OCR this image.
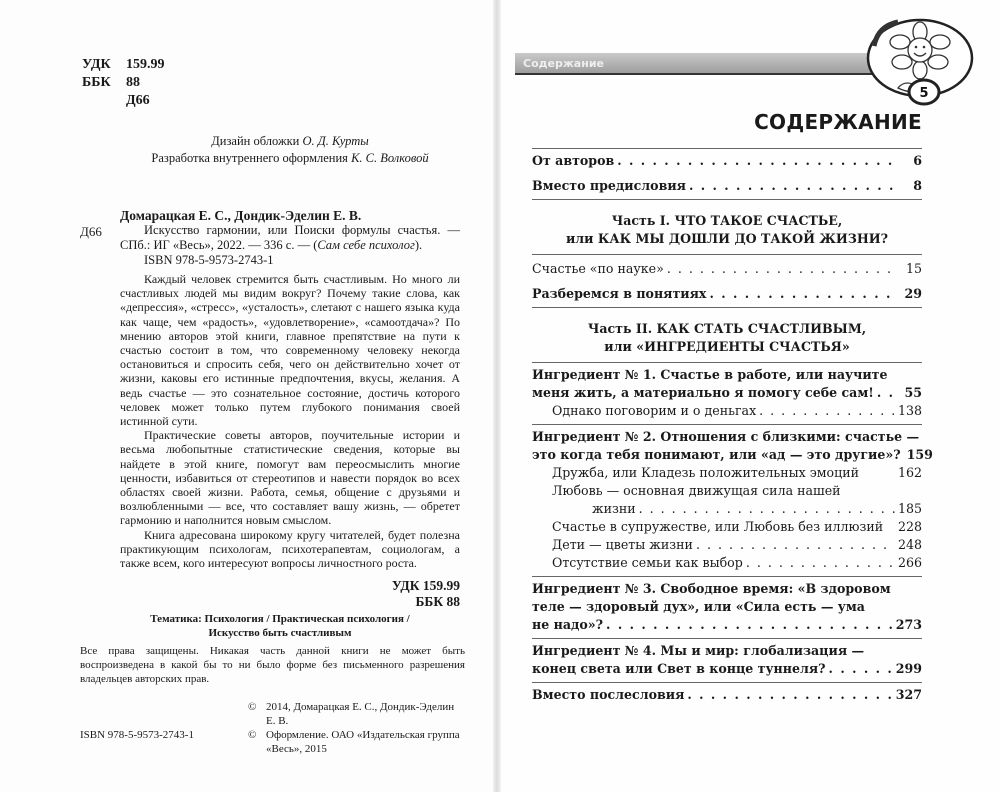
УДК	159.99
ББК	88
Д66
Дизайн обложки О. Д. Курты
Разработка внутреннего оформления К. С. Волковой
Д66
Домарацкая Е. С., Дондик-Эделин Е. В.

Искусство гармонии, или Поиски формулы счастья. — СПб.: ИГ «Весь», 2022. — 336 с. — (Сам себе психолог).

ISBN 978-5-9573-2743-1

Каждый человек стремится быть счастливым. Но много ли счастливых людей мы видим вокруг? Почему такие слова, как «депрессия», «стресс», «усталость», слетают с нашего языка куда как чаще, чем «радость», «удовлетворение», «самоотдача»? По мнению авторов этой книги, главное препятствие на пути к счастью состоит в том, что современному человеку некогда остановиться и спросить себя, чего он действительно хочет от жизни, каковы его истинные предпочтения, вкусы, желания. А ведь счастье — это сознательное состояние, достичь которого человек может только путем глубокого понимания своей истинной сути.

Практические советы авторов, поучительные истории и весьма любопытные статистические сведения, которые вы найдете в этой книге, помогут вам переосмыслить многие ценности, избавиться от стереотипов и навести порядок во всех областях своей жизни. Работа, семья, общение с друзьями и возлюбленными — все, что составляет вашу жизнь, — обретет гармонию и наполнится новым смыслом.

Книга адресована широкому кругу читателей, будет полезна практикующим психологам, психотерапевтам, социологам, а также всем, кого интересуют вопросы личностного роста.

УДК 159.99
ББК 88
Тематика: Психология / Практическая психология /
Искусство быть счастливым
Все права защищены. Никакая часть данной книги не может быть воспроизведена в какой бы то ни было форме без письменного разрешения владельцев авторских прав.
ISBN 978-5-9573-2743-1
© 2014, Домарацкая Е. С., Дондик-Эделин Е. В.
© Оформление. ОАО «Издательская группа
«Весь», 2015
Содержание
5
СОДЕРЖАНИЕ
От авторов . . .	6
Вместо предисловия . . .	8
Часть I. ЧТО ТАКОЕ СЧАСТЬЕ,
или КАК МЫ ДОШЛИ ДО ТАКОЙ ЖИЗНИ?
Счастье «по науке» . . .	15
Разберемся в понятиях . . .	29
Часть II. КАК СТАТЬ СЧАСТЛИВЫМ,
или «ИНГРЕДИЕНТЫ СЧАСТЬЯ»
Ингредиент № 1. Счастье в работе, или научите
меня жить, а материально я помогу себе сам! . . .	55
Однако поговорим и о деньгах . . .	138
Ингредиент № 2. Отношения с близкими: счастье —
это когда тебя понимают, или «ад — это другие»? 159
Дружба, или Кладезь положительных эмоций	162
Любовь — основная движущая сила нашей
жизни . . .	185
Счастье в супружестве, или Любовь без иллюзий 228
Дети — цветы жизни . . .	248
Отсутствие семьи как выбор . . .	266
Ингредиент № 3. Свободное время: «В здоровом
теле — здоровый дух», или «Сила есть — ума
не надо»? . . .	273
Ингредиент № 4. Мы и мир: глобализация —
конец света или Свет в конце туннеля? . . .	299
Вместо послесловия . . .	327
